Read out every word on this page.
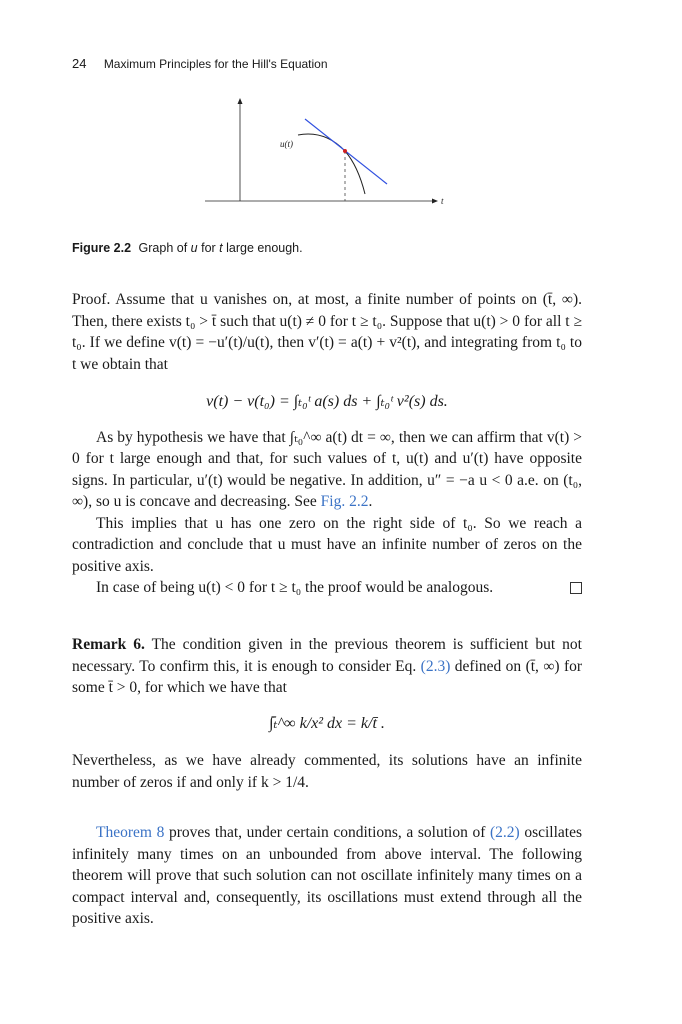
24 Maximum Principles for the Hill's Equation
u(t)
t
Figure 2.2 Graph of u for t large enough.

Proof. Assume that u vanishes on, at most, a finite number of points on (t̄, ∞). Then, there exists t₀ > t̄ such that u(t) ≠ 0 for t ≥ t₀. Suppose that u(t) > 0 for all t ≥ t₀. If we define v(t) = −u′(t)/u(t), then v′(t) = a(t) + v²(t), and integrating from t₀ to t we obtain that

v(t) − v(t₀) = ∫ₜ₀ᵗ a(s) ds + ∫ₜ₀ᵗ v²(s) ds.

As by hypothesis we have that ∫ₜ₀^∞ a(t) dt = ∞, then we can affirm that v(t) > 0 for t large enough and that, for such values of t, u(t) and u′(t) have opposite signs. In particular, u′(t) would be negative. In addition, u″ = −a u < 0 a.e. on (t₀, ∞), so u is concave and decreasing. See Fig. 2.2.

This implies that u has one zero on the right side of t₀. So we reach a contradiction and conclude that u must have an infinite number of zeros on the positive axis.

In case of being u(t) < 0 for t ≥ t₀ the proof would be analogous.

Remark 6. The condition given in the previous theorem is sufficient but not necessary. To confirm this, it is enough to consider Eq. (2.3) defined on (t̄, ∞) for some t̄ > 0, for which we have that

∫ₜ̄^∞ k/x² dx = k/t̄ .

Nevertheless, as we have already commented, its solutions have an infinite number of zeros if and only if k > 1/4.

Theorem 8 proves that, under certain conditions, a solution of (2.2) oscillates infinitely many times on an unbounded from above interval. The following theorem will prove that such solution can not oscillate infinitely many times on a compact interval and, consequently, its oscillations must extend through all the positive axis.
